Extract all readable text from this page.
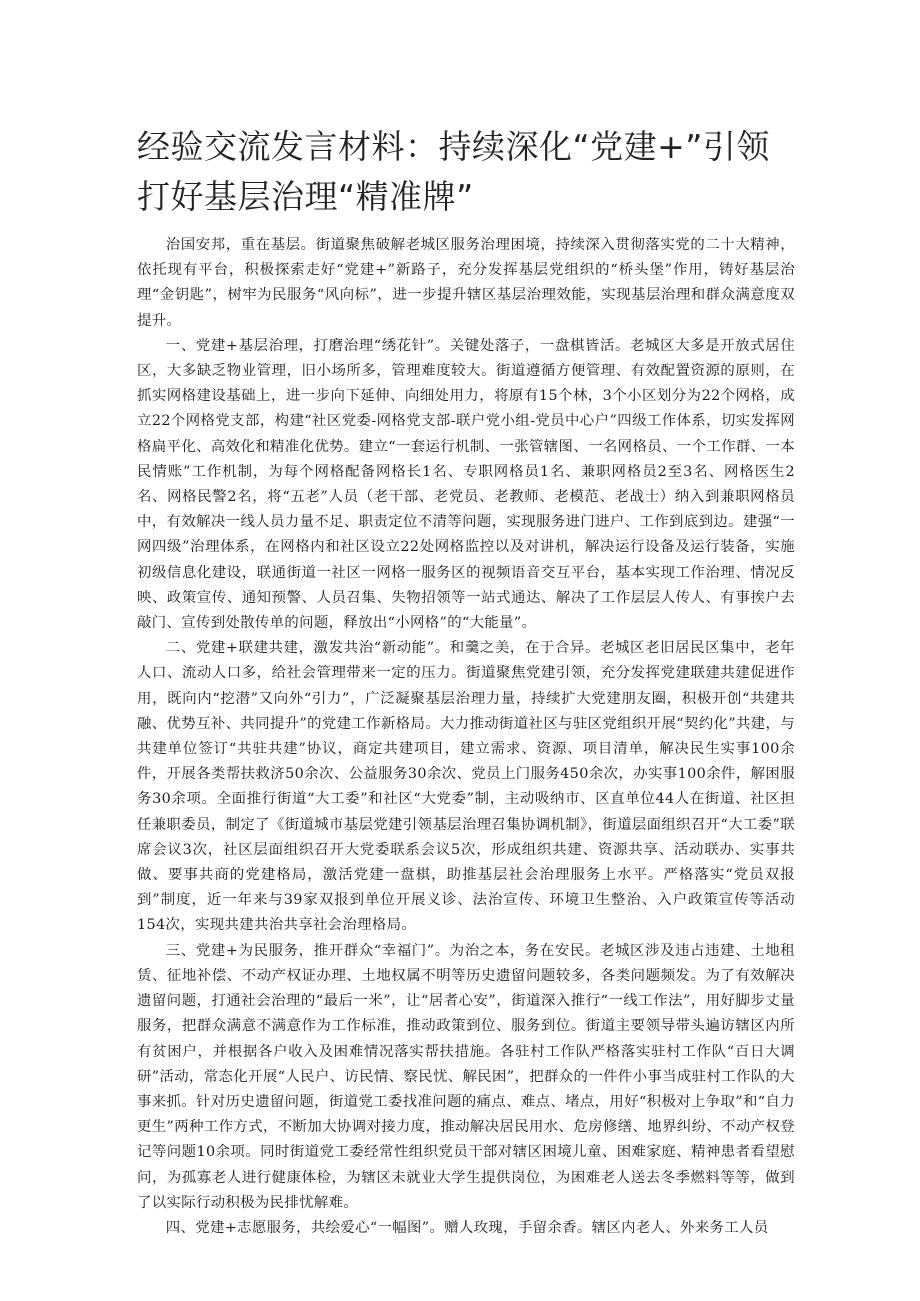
经验交流发言材料：持续深化“党建+”引领打好基层治理“精准牌”

治国安邦，重在基层。街道聚焦破解老城区服务治理困境，持续深入贯彻落实党的二十大精神，依托现有平台，积极探索走好“党建+”新路子，充分发挥基层党组织的“桥头堡”作用，铸好基层治理“金钥匙”，树牢为民服务“风向标”，进一步提升辖区基层治理效能，实现基层治理和群众满意度双提升。

一、党建+基层治理，打磨治理“绣花针”。关键处落子，一盘棋皆活。老城区大多是开放式居住区，大多缺乏物业管理，旧小场所多，管理难度较大。街道遵循方便管理、有效配置资源的原则，在抓实网格建设基础上，进一步向下延伸、向细处用力，将原有15个林，3个小区划分为22个网格，成立22个网格党支部，构建“社区党委-网格党支部-联户党小组-党员中心户”四级工作体系，切实发挥网格扁平化、高效化和精准化优势。建立“一套运行机制、一张管辖图、一名网格员、一个工作群、一本民情账”工作机制，为每个网格配备网格长1名、专职网格员1名、兼职网格员2至3名、网格医生2名、网格民警2名，将“五老”人员（老干部、老党员、老教师、老模范、老战士）纳入到兼职网格员中，有效解决一线人员力量不足、职责定位不清等问题，实现服务进门进户、工作到底到边。建强“一网四级”治理体系，在网格内和社区设立22处网格监控以及对讲机，解决运行设备及运行装备，实施初级信息化建设，联通街道一社区一网格一服务区的视频语音交互平台，基本实现工作治理、情况反映、政策宣传、通知预警、人员召集、失物招领等一站式通达、解决了工作层层人传人、有事挨户去敲门、宣传到处散传单的问题，释放出“小网格”的“大能量”。

二、党建+联建共建，激发共治“新动能”。和羹之美，在于合异。老城区老旧居民区集中，老年人口、流动人口多，给社会管理带来一定的压力。街道聚焦党建引领，充分发挥党建联建共建促进作用，既向内“挖潜”又向外“引力”，广泛凝聚基层治理力量，持续扩大党建朋友圈，积极开创“共建共融、优势互补、共同提升”的党建工作新格局。大力推动街道社区与驻区党组织开展“契约化”共建，与共建单位签订“共驻共建”协议，商定共建项目，建立需求、资源、项目清单，解决民生实事100余件，开展各类帮扶救济50余次、公益服务30余次、党员上门服务450余次，办实事100余件，解困服务30余项。全面推行街道“大工委”和社区“大党委”制，主动吸纳市、区直单位44人在街道、社区担任兼职委员，制定了《街道城市基层党建引领基层治理召集协调机制》，街道层面组织召开“大工委”联席会议3次，社区层面组织召开大党委联系会议5次，形成组织共建、资源共享、活动联办、实事共做、要事共商的党建格局，激活党建一盘棋，助推基层社会治理服务上水平。严格落实“党员双报到”制度，近一年来与39家双报到单位开展义诊、法治宣传、环境卫生整治、入户政策宣传等活动154次，实现共建共治共享社会治理格局。

三、党建+为民服务，推开群众“幸福门”。为治之本，务在安民。老城区涉及违占违建、土地租赁、征地补偿、不动产权证办理、土地权属不明等历史遗留问题较多，各类问题频发。为了有效解决遗留问题，打通社会治理的“最后一米”，让“居者心安”，街道深入推行“一线工作法”，用好脚步丈量服务，把群众满意不满意作为工作标准，推动政策到位、服务到位。街道主要领导带头遍访辖区内所有贫困户，并根据各户收入及困难情况落实帮扶措施。各驻村工作队严格落实驻村工作队“百日大调研”活动，常态化开展“人民户、访民情、察民忧、解民困”，把群众的一件件小事当成驻村工作队的大事来抓。针对历史遗留问题，街道党工委找准问题的痛点、难点、堵点，用好“积极对上争取”和“自力更生”两种工作方式，不断加大协调对接力度，推动解决居民用水、危房修缮、地界纠纷、不动产权登记等问题10余项。同时街道党工委经常性组织党员干部对辖区困境儿童、困难家庭、精神患者看望慰问，为孤寡老人进行健康体检，为辖区未就业大学生提供岗位，为困难老人送去冬季燃料等等，做到了以实际行动积极为民排忧解难。

四、党建+志愿服务，共绘爱心“一幅图”。赠人玫瑰，手留余香。辖区内老人、外来务工人员
